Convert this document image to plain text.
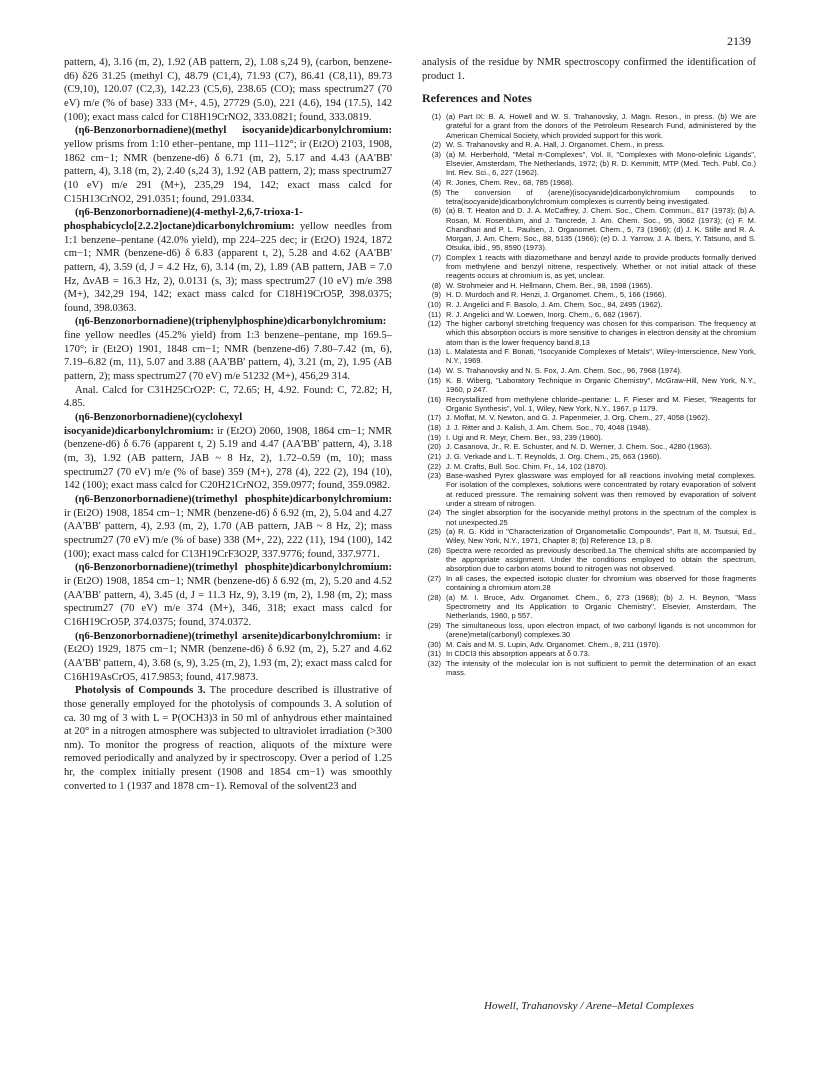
2139

pattern, 4), 3.16 (m, 2), 1.92 (AB pattern, 2), 1.08 s,24 9), (carbon, benzene-d6) δ26 31.25 (methyl C), 48.79 (C1,4), 71.93 (C7), 86.41 (C8,11), 89.73 (C9,10), 120.07 (C2,3), 142.23 (C5,6), 238.65 (CO); mass spectrum27 (70 eV) m/e (% of base) 333 (M+, 4.5), 27729 (5.0), 221 (4.6), 194 (17.5), 142 (100); exact mass calcd for C18H19CrNO2, 333.0821; found, 333.0819.

(η6-Benzonorbornadiene)(methyl isocyanide)dicarbonylchromium: yellow prisms from 1:10 ether–pentane, mp 111–112°; ir (Et2O) 2103, 1908, 1862 cm−1; NMR (benzene-d6) δ 6.71 (m, 2), 5.17 and 4.43 (AA'BB' pattern, 4), 3.18 (m, 2), 2.40 (s,24 3), 1.92 (AB pattern, 2); mass spectrum27 (10 eV) m/e 291 (M+), 235,29 194, 142; exact mass calcd for C15H13CrNO2, 291.0351; found, 291.0334.

(η6-Benzonorbornadiene)(4-methyl-2,6,7-trioxa-1-phosphabicyclo[2.2.2]octane)dicarbonylchromium: yellow needles from 1:1 benzene–pentane (42.0% yield), mp 224–225 dec; ir (Et2O) 1924, 1872 cm−1; NMR (benzene-d6) δ 6.83 (apparent t, 2), 5.28 and 4.62 (AA'BB' pattern, 4), 3.59 (d, J = 4.2 Hz, 6), 3.14 (m, 2), 1.89 (AB pattern, JAB = 7.0 Hz, ΔνAB = 16.3 Hz, 2), 0.0131 (s, 3); mass spectrum27 (10 eV) m/e 398 (M+), 342,29 194, 142; exact mass calcd for C18H19CrO5P, 398.0375; found, 398.0363.

(η6-Benzonorbornadiene)(triphenylphosphine)dicarbonylchromium: fine yellow needles (45.2% yield) from 1:3 benzene–pentane, mp 169.5–170°; ir (Et2O) 1901, 1848 cm−1; NMR (benzene-d6) 7.80–7.42 (m, 6), 7.19–6.82 (m, 11), 5.07 and 3.88 (AA'BB' pattern, 4), 3.21 (m, 2), 1.95 (AB pattern, 2); mass spectrum27 (70 eV) m/e 51232 (M+), 456,29 314.

Anal. Calcd for C31H25CrO2P: C, 72.65; H, 4.92. Found: C, 72.82; H, 4.85.

(η6-Benzonorbornadiene)(cyclohexyl isocyanide)dicarbonylchromium: ir (Et2O) 2060, 1908, 1864 cm−1; NMR (benzene-d6) δ 6.76 (apparent t, 2) 5.19 and 4.47 (AA'BB' pattern, 4), 3.18 (m, 3), 1.92 (AB pattern, JAB ~ 8 Hz, 2), 1.72–0.59 (m, 10); mass spectrum27 (70 eV) m/e (% of base) 359 (M+), 278 (4), 222 (2), 194 (10), 142 (100); exact mass calcd for C20H21CrNO2, 359.0977; found, 359.0982.

(η6-Benzonorbornadiene)(trimethyl phosphite)dicarbonylchromium: ir (Et2O) 1908, 1854 cm−1; NMR (benzene-d6) δ 6.92 (m, 2), 5.04 and 4.27 (AA'BB' pattern, 4), 2.93 (m, 2), 1.70 (AB pattern, JAB ~ 8 Hz, 2); mass spectrum27 (70 eV) m/e (% of base) 338 (M+, 22), 222 (11), 194 (100), 142 (100); exact mass calcd for C13H19CrF3O2P, 337.9776; found, 337.9771.

(η6-Benzonorbornadiene)(trimethyl phosphite)dicarbonylchromium: ir (Et2O) 1908, 1854 cm−1; NMR (benzene-d6) δ 6.92 (m, 2), 5.20 and 4.52 (AA'BB' pattern, 4), 3.45 (d, J = 11.3 Hz, 9), 3.19 (m, 2), 1.98 (m, 2); mass spectrum27 (70 eV) m/e 374 (M+), 346, 318; exact mass calcd for C16H19CrO5P, 374.0375; found, 374.0372.

(η6-Benzonorbornadiene)(trimethyl arsenite)dicarbonylchromium: ir (Et2O) 1929, 1875 cm−1; NMR (benzene-d6) δ 6.92 (m, 2), 5.27 and 4.62 (AA'BB' pattern, 4), 3.68 (s, 9), 3.25 (m, 2), 1.93 (m, 2); exact mass calcd for C16H19AsCrO5, 417.9853; found, 417.9873.

Photolysis of Compounds 3. The procedure described is illustrative of those generally employed for the photolysis of compounds 3. A solution of ca. 30 mg of 3 with L = P(OCH3)3 in 50 ml of anhydrous ether maintained at 20° in a nitrogen atmosphere was subjected to ultraviolet irradiation (>300 nm). To monitor the progress of reaction, aliquots of the mixture were removed periodically and analyzed by ir spectroscopy. Over a period of 1.25 hr, the complex initially present (1908 and 1854 cm−1) was smoothly converted to 1 (1937 and 1878 cm−1). Removal of the solvent23 and

analysis of the residue by NMR spectroscopy confirmed the identification of product 1.

References and Notes
(1) (a) Part IX: B. A. Howell and W. S. Trahanovsky, J. Magn. Reson., in press. (b) We are grateful for a grant from the donors of the Petroleum Research Fund, administered by the American Chemical Society, which provided support for this work.
(2) W. S. Trahanovsky and R. A. Hall, J. Organomet. Chem., in press.
(3) (a) M. Herberhold, "Metal π-Complexes", Vol. II, "Complexes with Mono-olefinic Ligands", Elsevier, Amsterdam, The Netherlands, 1972; (b) R. D. Kemmitt, MTP (Med. Tech. Publ. Co.) Int. Rev. Sci., 6, 227 (1962).
(4) R. Jones, Chem. Rev., 68, 785 (1968).
(5) The conversion of (arene)(isocyanide)dicarbonylchromium compounds to tetra(isocyanide)dicarbonylchromium complexes is currently being investigated.
(6) (a) B. T. Heaton and D. J. A. McCaffrey, J. Chem. Soc., Chem. Commun., 817 (1973); (b) A. Rosan, M. Rosenblum, and J. Tancrede, J. Am. Chem. Soc., 95, 3062 (1973); (c) F. M. Chandhari and P. L. Paulsen, J. Organomet. Chem., 5, 73 (1966); (d) J. K. Stille and R. A. Morgan, J. Am. Chem. Soc., 88, 5135 (1966); (e) D. J. Yarrow, J. A. Ibers, Y. Tatsuno, and S. Otsuka, ibid., 95, 8590 (1973).
(7) Complex 1 reacts with diazomethane and benzyl azide to provide products formally derived from methylene and benzyl nitrene, respectively. Whether or not initial attack of these reagents occurs at chromium is, as yet, unclear.
(8) W. Strohmeier and H. Hellmann, Chem. Ber., 98, 1598 (1965).
(9) H. D. Murdoch and R. Henzi, J. Organomet. Chem., 5, 166 (1966).
(10) R. J. Angelici and F. Basolo, J. Am. Chem. Soc., 84, 2495 (1962).
(11) R. J. Angelici and W. Loewen, Inorg. Chem., 6, 682 (1967).
(12) The higher carbonyl stretching frequency was chosen for this comparison. The frequency at which this absorption occurs is more sensitive to changes in electron density at the chromium atom than is the lower frequency band.8,13
(13) L. Malatesta and F. Bonati, "Isocyanide Complexes of Metals", Wiley-Interscience, New York, N.Y., 1969.
(14) W. S. Trahanovsky and N. S. Fox, J. Am. Chem. Soc., 96, 7968 (1974).
(15) K. B. Wiberg, "Laboratory Technique in Organic Chemistry", McGraw-Hill, New York, N.Y., 1960, p 247.
(16) Recrystallized from methylene chloride–pentane: L. F. Fieser and M. Fieser, "Reagents for Organic Synthesis", Vol. 1, Wiley, New York, N.Y., 1967, p 1179.
(17) J. Moffat, M. V. Newton, and G. J. Papenmeier, J. Org. Chem., 27, 4058 (1962).
(18) J. J. Ritter and J. Kalish, J. Am. Chem. Soc., 70, 4048 (1948).
(19) I. Ugi and R. Meyr, Chem. Ber., 93, 239 (1960).
(20) J. Casanova, Jr., R. E. Schuster, and N. D. Werner, J. Chem. Soc., 4280 (1963).
(21) J. G. Verkade and L. T. Reynolds, J. Org. Chem., 25, 663 (1960).
(22) J. M. Crafts, Bull. Soc. Chim. Fr., 14, 102 (1870).
(23) Base-washed Pyrex glassware was employed for all reactions involving metal complexes. For isolation of the complexes, solutions were concentrated by rotary evaporation of solvent at reduced pressure. The remaining solvent was then removed by evaporation of solvent under a stream of nitrogen.
(24) The singlet absorption for the isocyanide methyl protons in the spectrum of the complex is not unexpected.25
(25) (a) R. G. Kidd in "Characterization of Organometallic Compounds", Part II, M. Tsutsui, Ed., Wiley, New York, N.Y., 1971, Chapter 8; (b) Reference 13, p 8.
(26) Spectra were recorded as previously described.1a The chemical shifts are accompanied by the appropriate assignment. Under the conditions employed to obtain the spectrum, absorption due to carbon atoms bound to nitrogen was not observed.
(27) In all cases, the expected isotopic cluster for chromium was observed for those fragments containing a chromium atom.28
(28) (a) M. I. Bruce, Adv. Organomet. Chem., 6, 273 (1968); (b) J. H. Beynon, "Mass Spectrometry and Its Application to Organic Chemistry", Elsevier, Amsterdam, The Netherlands, 1960, p 557.
(29) The simultaneous loss, upon electron impact, of two carbonyl ligands is not uncommon for (arene)metal(carbonyl) complexes.30
(30) M. Cais and M. S. Lupin, Adv. Organomet. Chem., 8, 211 (1970).
(31) In CDCl3 this absorption appears at δ 0.73.
(32) The intensity of the molecular ion is not sufficient to permit the determination of an exact mass.
Howell, Trahanovsky / Arene–Metal Complexes
